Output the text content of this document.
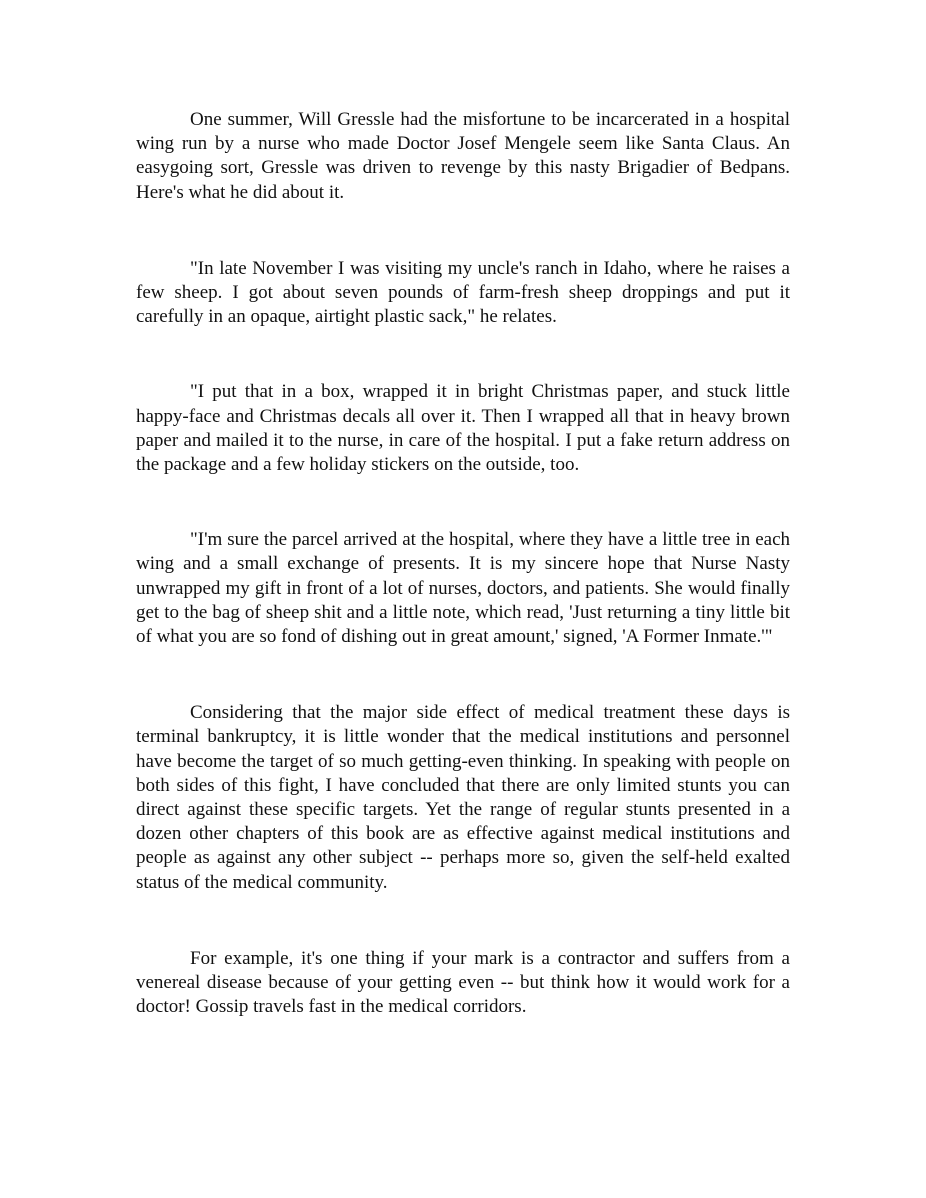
One summer, Will Gressle had the misfortune to be incarcerated in a hospital wing run by a nurse who made Doctor Josef Mengele seem like Santa Claus. An easygoing sort, Gressle was driven to revenge by this nasty Brigadier of Bedpans. Here's what he did about it.

"In late November I was visiting my uncle's ranch in Idaho, where he raises a few sheep. I got about seven pounds of farm-fresh sheep droppings and put it carefully in an opaque, airtight plastic sack," he relates.

"I put that in a box, wrapped it in bright Christmas paper, and stuck little happy-face and Christmas decals all over it. Then I wrapped all that in heavy brown paper and mailed it to the nurse, in care of the hospital. I put a fake return address on the package and a few holiday stickers on the outside, too.

"I'm sure the parcel arrived at the hospital, where they have a little tree in each wing and a small exchange of presents. It is my sincere hope that Nurse Nasty unwrapped my gift in front of a lot of nurses, doctors, and patients. She would finally get to the bag of sheep shit and a little note, which read, 'Just returning a tiny little bit of what you are so fond of dishing out in great amount,' signed, 'A Former Inmate.'"

Considering that the major side effect of medical treatment these days is terminal bankruptcy, it is little wonder that the medical institutions and personnel have become the target of so much getting-even thinking. In speaking with people on both sides of this fight, I have concluded that there are only limited stunts you can direct against these specific targets. Yet the range of regular stunts presented in a dozen other chapters of this book are as effective against medical institutions and people as against any other subject -- perhaps more so, given the self-held exalted status of the medical community.

For example, it's one thing if your mark is a contractor and suffers from a venereal disease because of your getting even -- but think how it would work for a doctor! Gossip travels fast in the medical corridors.
